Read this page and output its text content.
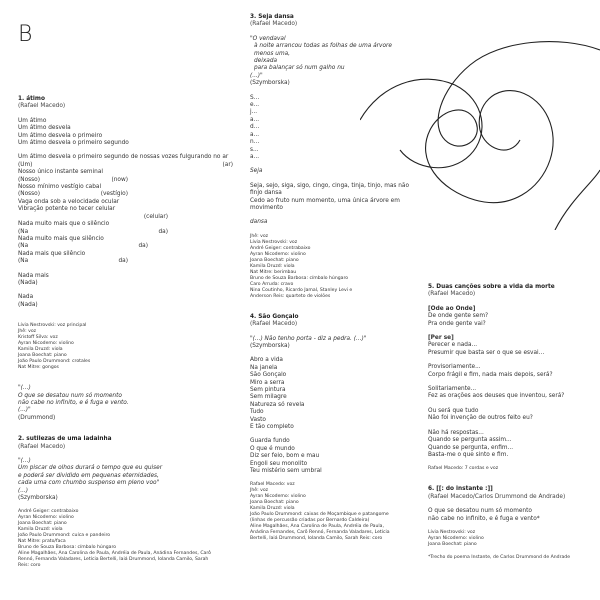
B
1. átimo
(Rafael Macedo)
Um átimo
Um átimo desvela
Um átimo desvela o primeiro
Um átimo desvela o primeiro segundo
Um átimo desvela o primeiro segundo de nossas vozes fulgurando no ar
(Um)	(ar)
Nosso único instante seminal
(Nosso)	(now)
Nosso mínimo vestígio cabal
(Nosso)	(vestígio)
Vaga onda sob a velocidade ocular
Vibração potente no tecer celular
(celular)
Nada muito mais que o silêncio
(Na	da)
Nada muito mais que silêncio
(Na	da)
Nada mais que silêncio
(Na	da)
Nada mais
(Nada)
Nada
(Nada)
Lívia Nestrovski: voz principal
Jhê: voz
Kristoff Silva: voz
Ayran Nicodemo: violino
Kamila Druzd: viola
Joana Boechat: piano
João Paulo Drummond: crotales
Nat Mitre: gongos
"(...)
O que se desatou num só momento
não cabe no infinito, e é fuga e vento.
(...)"
(Drummond)
2. sutilezas de uma ladainha
(Rafael Macedo)
"(...)
Um piscar de olhos durará o tempo que eu quiser
e poderá ser dividido em pequenas eternidades,
cada uma com chumbo suspenso em pleno voo"
(...)
(Szymborska)
André Geiger: contrabaixo
Ayran Nicodemo: violino
Joana Boechat: piano
Kamila Druzd: viola
João Paulo Drummond: cuíca e pandeiro
Nat Mitre: prato/faca
Bruno de Souza Barbosa: címbalo húngaro
Aline Magalhães, Ana Carolina de Paula, Andréia de Paula, Anádina Fernandes, Carô
Rennó, Fernanda Valadares, Letícia Bertelli, Iaiá Drummond, Iolanda Camilo, Sarah
Reis: coro
3. Seja dansa
(Rafael Macedo)
"O vendaval
à noite arrancou todas as folhas de uma árvore
menos uma,
deixada
para balançar só num galho nu
(...)"
(Szymborska)
S...
e...
j...
a...
d...
a...
n...
s...
a...
Seja
Seja, sejo, siga, sigo, cingo, cinga, tinja, tinjo, mas não
finjo dansa
Cedo ao fruto num momento, uma única árvore em
movimento
dansa
Jhê: voz
Lívia Nestrovski: voz
André Geiger: contrabaixo
Ayran Nicodemo: violino
Joana Boechat: piano
Kamila Druzd: viola
Nat Mitre: berimbau
Bruno de Souza Barbosa: címbalo húngaro
Caro Arruda: cravo
Nina Coutinho, Ricardo Jamal, Stanley Levi e
Anderson Reis: quarteto de violões
4. São Gonçalo
(Rafael Macedo)
"(...) Não tenho porta - diz a pedra. (...)"
(Szymborska)
Abro a vida
Na janela
São Gonçalo
Miro a serra
Sem pintura
Sem milagre
Natureza só revela
Tudo
Vasto
E tão completo
Guarda fundo
O que é mundo
Diz ser feio, bom e mau
Engoli seu monolito
Teu mistério sem umbral
Rafael Macedo: voz
Jhê: voz
Ayran Nicodemo: violino
Joana Boechat: piano
Kamila Druzd: viola
João Paulo Drummond: caixas de Moçambique e patangome
(linhas de percussão criadas por Bernardo Caldeira)
Aline Magalhães, Ana Carolina de Paula, Andréia de Paula,
Anádina Fernandes, Carô Rennó, Fernanda Valadares, Letícia
Bertelli, Iaiá Drummond, Iolanda Camilo, Sarah Reis: coro
5. Duas canções sobre a vida da morte
(Rafael Macedo)
[Ode ao Onde]
De onde gente sem?
Pra onde gente vai?
[Per se]
Perecer e nada...
Presumir que basta ser o que se esvai...
Provisoriamente...
Corpo frágil e fim, nada mais depois, será?
Solitariamente...
Fez as orações aos deuses que inventou, será?
Ou será que tudo
Não foi invenção de outros feito eu?
Não há respostas...
Quando se pergunta assim...
Quando se pergunta, enfim...
Basta-me o que sinto e fim.
Rafael Macedo: 7 cordas e voz
6. [[: do instante :]]
(Rafael Macedo/Carlos Drummond de Andrade)
O que se desatou num só momento
não cabe no infinito, e é fuga e vento*
Lívia Nestrovski: voz
Ayran Nicodemo: violino
Joana Boechat: piano
*Trecho do poema Instante, de Carlos Drummond de Andrade
